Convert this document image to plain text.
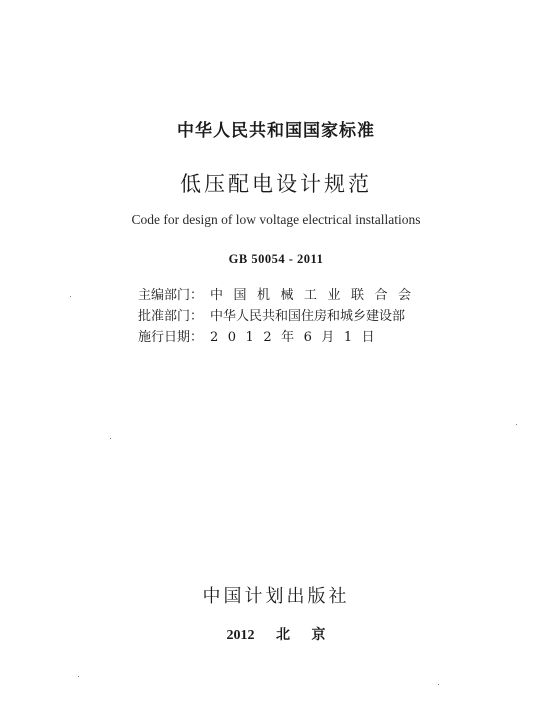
中华人民共和国国家标准
低压配电设计规范
Code for design of low voltage electrical installations
GB 50054 - 2011
主编部门： 中国机械工业联合会
批准部门： 中华人民共和国住房和城乡建设部
施行日期： 2012年6月1日
中国计划出版社
2012 北 京
